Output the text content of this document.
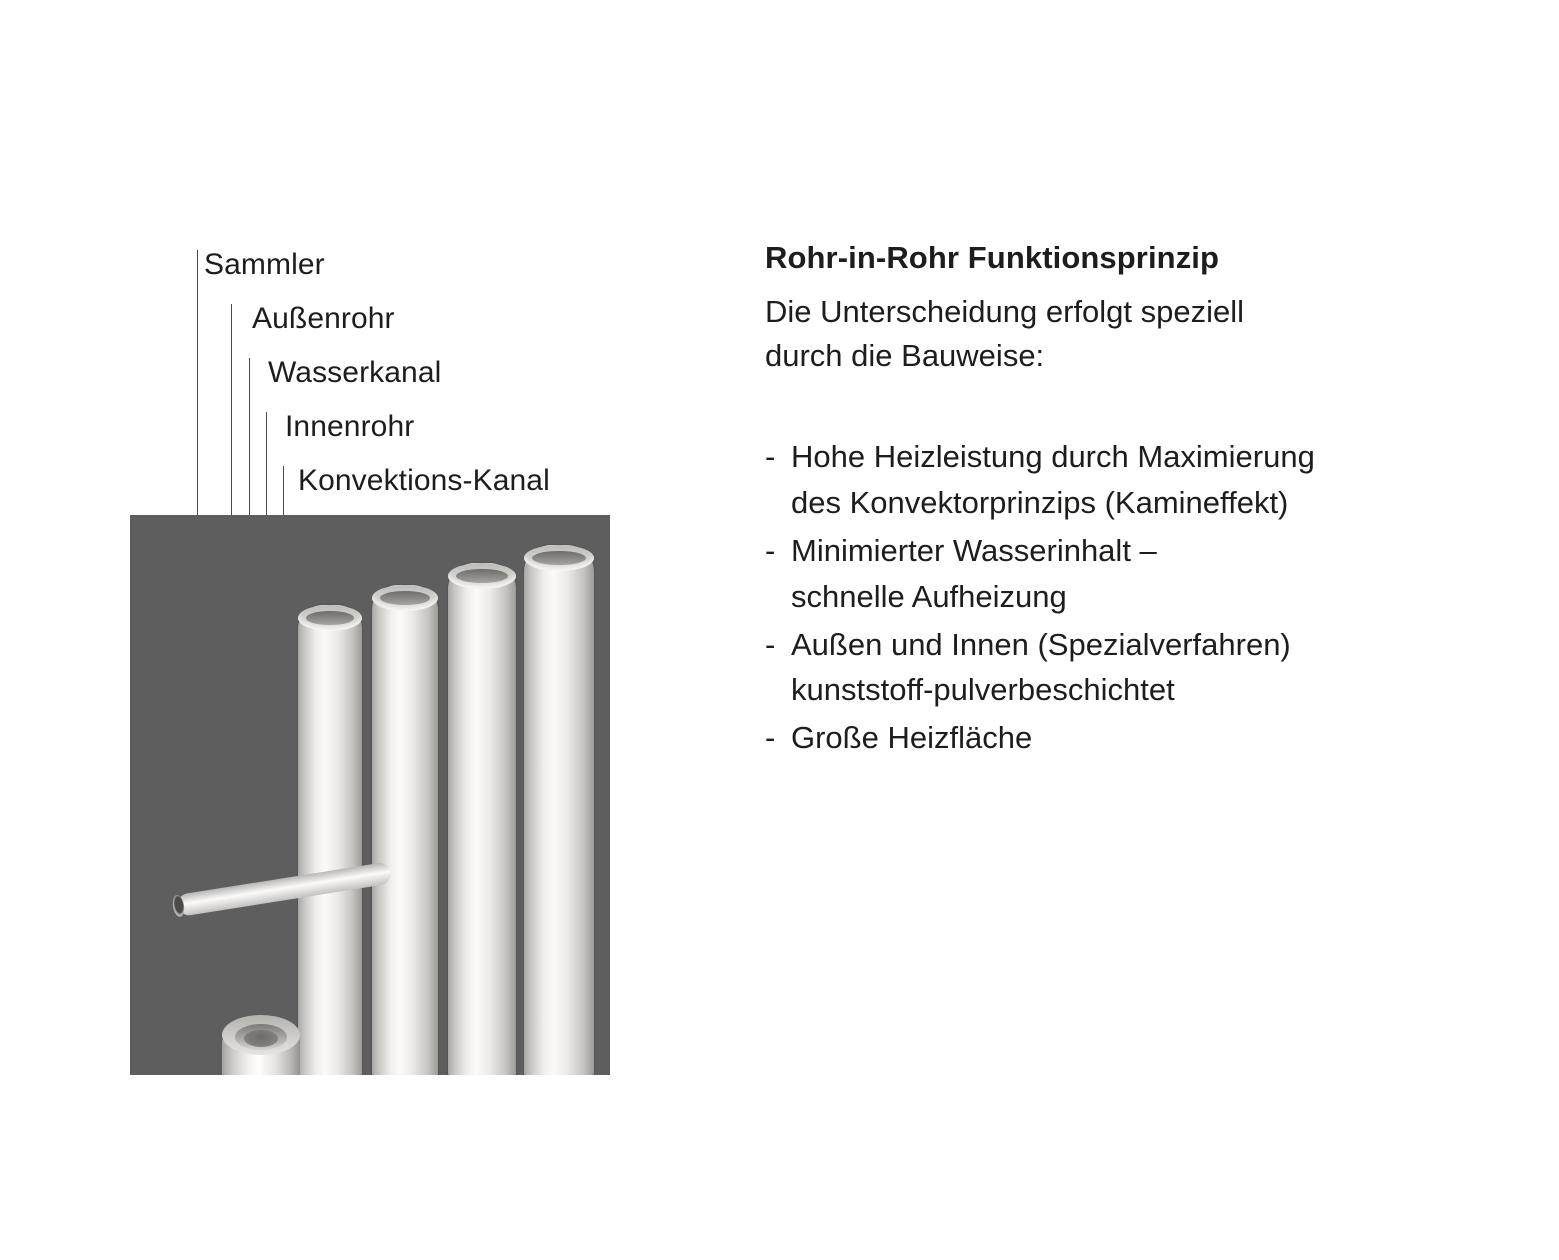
Sammler
Außenrohr
Wasserkanal
Innenrohr
Konvektions-Kanal
Rohr-in-Rohr Funktionsprinzip
Die Unterscheidung erfolgt speziell
durch die Bauweise:
- Hohe Heizleistung durch Maximierung
des Konvektorprinzips (Kamineffekt)
- Minimierter Wasserinhalt –
schnelle Aufheizung
- Außen und Innen (Spezialverfahren)
kunststoff-pulverbeschichtet
- Große Heizfläche
